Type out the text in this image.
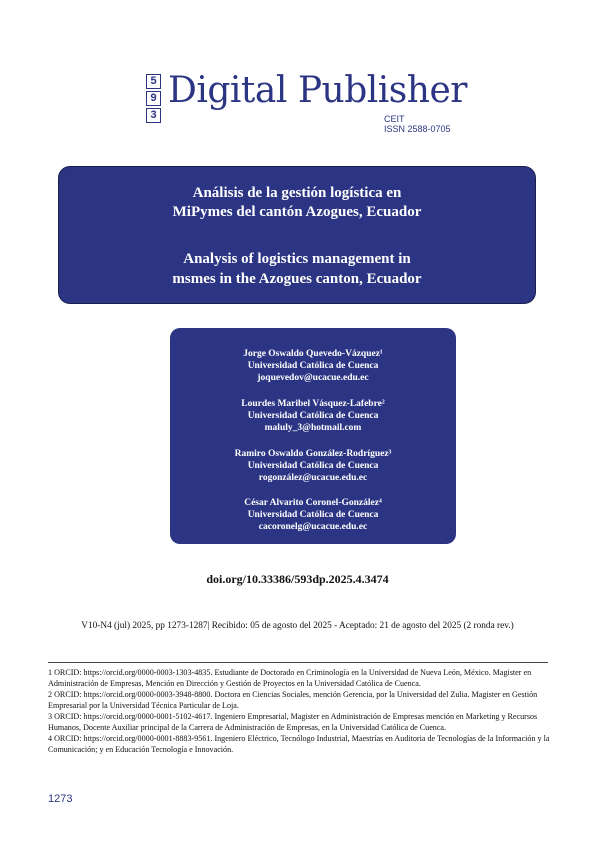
5
9
3
Digital Publisher
CEIT
ISSN 2588-0705
Análisis de la gestión logística en
MiPymes del cantón Azogues, Ecuador
Analysis of logistics management in
msmes in the Azogues canton, Ecuador
Jorge Oswaldo Quevedo-Vázquez¹
Universidad Católica de Cuenca
joquevedov@ucacue.edu.ec
Lourdes Maribel Vásquez-Lafebre²
Universidad Católica de Cuenca
maluly_3@hotmail.com
Ramiro Oswaldo González-Rodríguez³
Universidad Católica de Cuenca
rogonzález@ucacue.edu.ec
César Alvarito Coronel-González⁴
Universidad Católica de Cuenca
cacoronelg@ucacue.edu.ec
doi.org/10.33386/593dp.2025.4.3474
V10-N4 (jul) 2025, pp 1273-1287| Recibido: 05 de agosto del 2025 - Aceptado: 21 de agosto del 2025 (2 ronda rev.)

1 ORCID: https://orcid.org/0000-0003-1303-4835. Estudiante de Doctorado en Criminología en la Universidad de Nueva León, México. Magister en Administración de Empresas, Mención en Dirección y Gestión de Proyectos en la Universidad Católica de Cuenca.

2 ORCID: https://orcid.org/0000-0003-3948-8800. Doctora en Ciencias Sociales, mención Gerencia, por la Universidad del Zulia. Magister en Gestión Empresarial por la Universidad Técnica Particular de Loja.

3 ORCID: https://orcid.org/0000-0001-5102-4617. Ingeniero Empresarial, Magister en Administración de Empresas mención en Marketing y Recursos Humanos, Docente Auxiliar principal de la Carrera de Administración de Empresas, en la Universidad Católica de Cuenca.

4 ORCID: https://orcid.org/0000-0001-8883-9561. Ingeniero Eléctrico, Tecnólogo Industrial, Maestrías en Auditoria de Tecnologías de la Información y la Comunicación; y en Educación Tecnología e Innovación.

1273
